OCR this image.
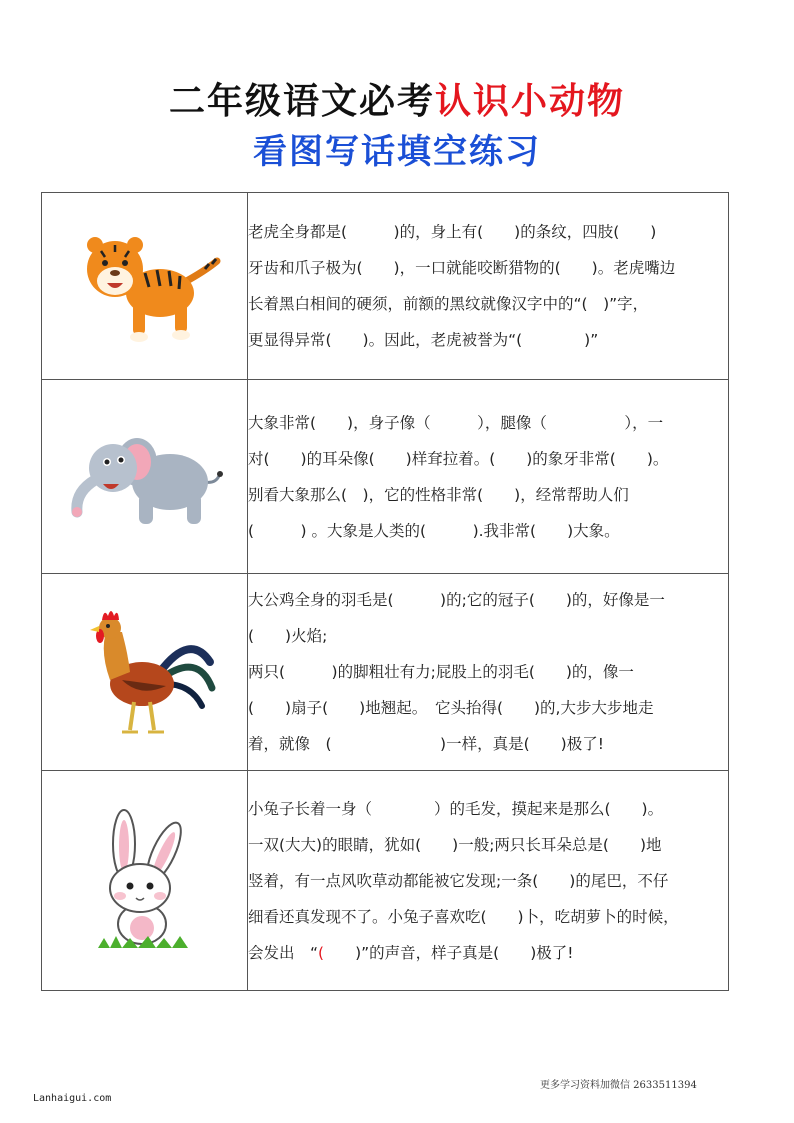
二年级语文必考认识小动物
看图写话填空练习

老虎全身都是(　　　)的，身上有(　　)的条纹，四肢(　　)
牙齿和爪子极为(　　)，一口就能咬断猎物的(　　)。老虎嘴边
长着黑白相间的硬须，前额的黑纹就像汉字中的“(　)”字，
更显得异常(　　)。因此，老虎被誉为“(　　　　)”

大象非常(　　)，身子像（　　　），腿像（　　　　　），一
对(　　)的耳朵像(　　)样耷拉着。(　　)的象牙非常(　　)。
别看大象那么(　)，它的性格非常(　　)，经常帮助人们
(　　　) 。大象是人类的(　　　).我非常(　　)大象。

大公鸡全身的羽毛是(　　　)的;它的冠子(　　)的，好像是一
(　　)火焰;
两只(　　　)的脚粗壮有力;屁股上的羽毛(　　)的，像一
(　　)扇子(　　)地翘起。　它头抬得(　　)的,大步大步地走
着，就像　(　　　　　　　)一样，真是(　　)极了!

小兔子长着一身（　　　　）的毛发，摸起来是那么(　　)。
一双(大大)的眼睛，犹如(　　)一般;两只长耳朵总是(　　)地
竖着，有一点风吹草动都能被它发现;一条(　　)的尾巴，不仔
细看还真发现不了。小兔子喜欢吃(　　)卜，吃胡萝卜的时候，
会发出　“(　　)”的声音，样子真是(　　)极了!
更多学习资料加微信 2633511394
Lanhaigui.com
